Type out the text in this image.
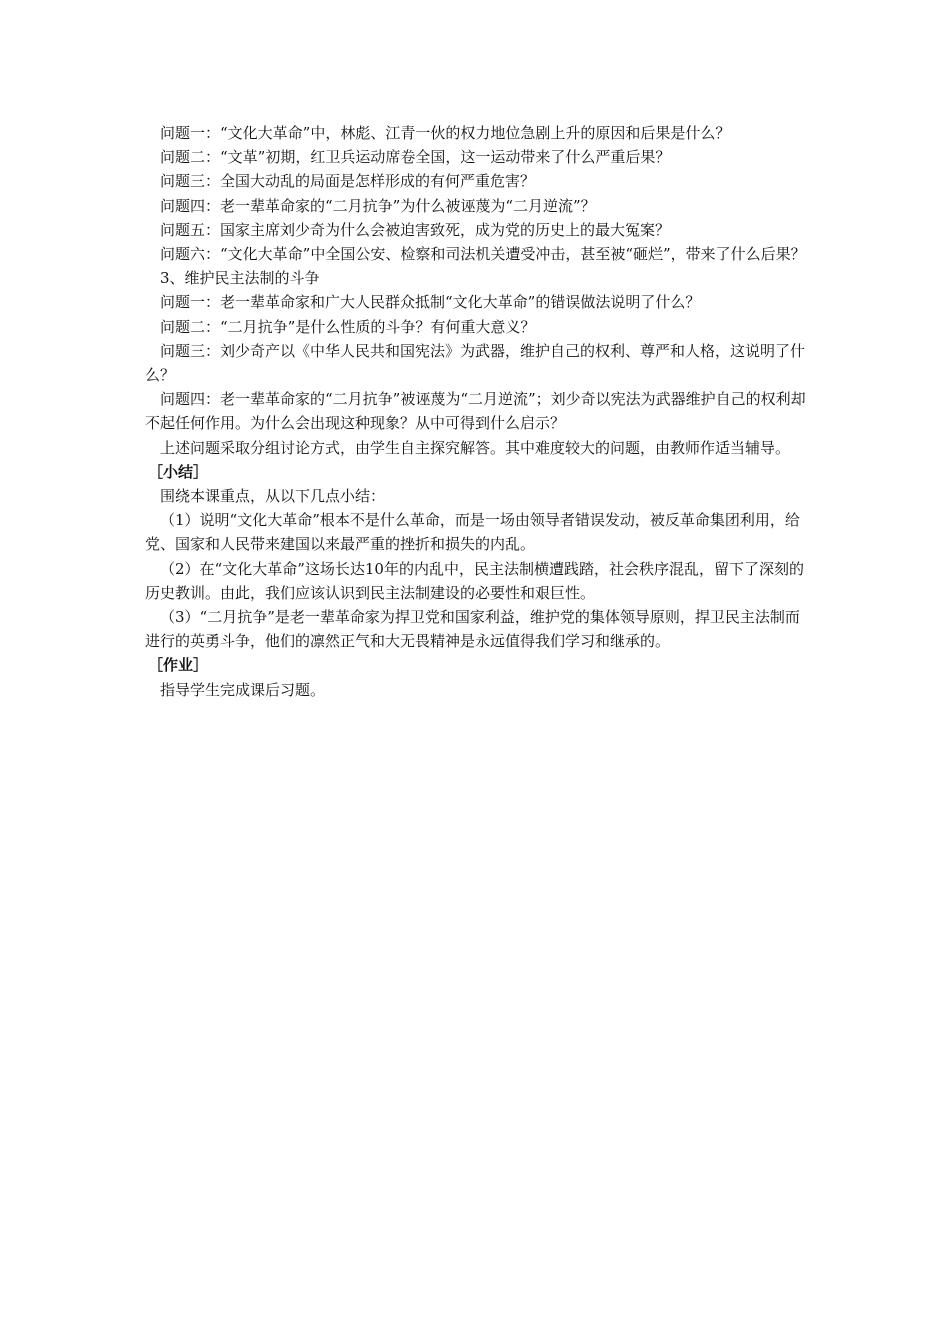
问题一：“文化大革命”中，林彪、江青一伙的权力地位急剧上升的原因和后果是什么？

问题二：“文革”初期，红卫兵运动席卷全国，这一运动带来了什么严重后果？

问题三：全国大动乱的局面是怎样形成的有何严重危害？

问题四：老一辈革命家的“二月抗争”为什么被诬蔑为“二月逆流”？

问题五：国家主席刘少奇为什么会被迫害致死，成为党的历史上的最大冤案？

问题六：“文化大革命”中全国公安、检察和司法机关遭受冲击，甚至被“砸烂”，带来了什么后果？

3、维护民主法制的斗争

问题一：老一辈革命家和广大人民群众抵制“文化大革命”的错误做法说明了什么？

问题二：“二月抗争”是什么性质的斗争？有何重大意义？

问题三：刘少奇产以《中华人民共和国宪法》为武器，维护自己的权利、尊严和人格，这说明了什么？

问题四：老一辈革命家的“二月抗争”被诬蔑为“二月逆流”；刘少奇以宪法为武器维护自己的权利却不起任何作用。为什么会出现这种现象？从中可得到什么启示？

上述问题采取分组讨论方式，由学生自主探究解答。其中难度较大的问题，由教师作适当辅导。

［小结］

围绕本课重点，从以下几点小结：

（1）说明“文化大革命”根本不是什么革命，而是一场由领导者错误发动，被反革命集团利用，给党、国家和人民带来建国以来最严重的挫折和损失的内乱。

（2）在“文化大革命”这场长达10年的内乱中，民主法制横遭践踏，社会秩序混乱，留下了深刻的历史教训。由此，我们应该认识到民主法制建设的必要性和艰巨性。

（3）“二月抗争”是老一辈革命家为捍卫党和国家利益，维护党的集体领导原则，捍卫民主法制而进行的英勇斗争，他们的凛然正气和大无畏精神是永远值得我们学习和继承的。

［作业］

指导学生完成课后习题。
